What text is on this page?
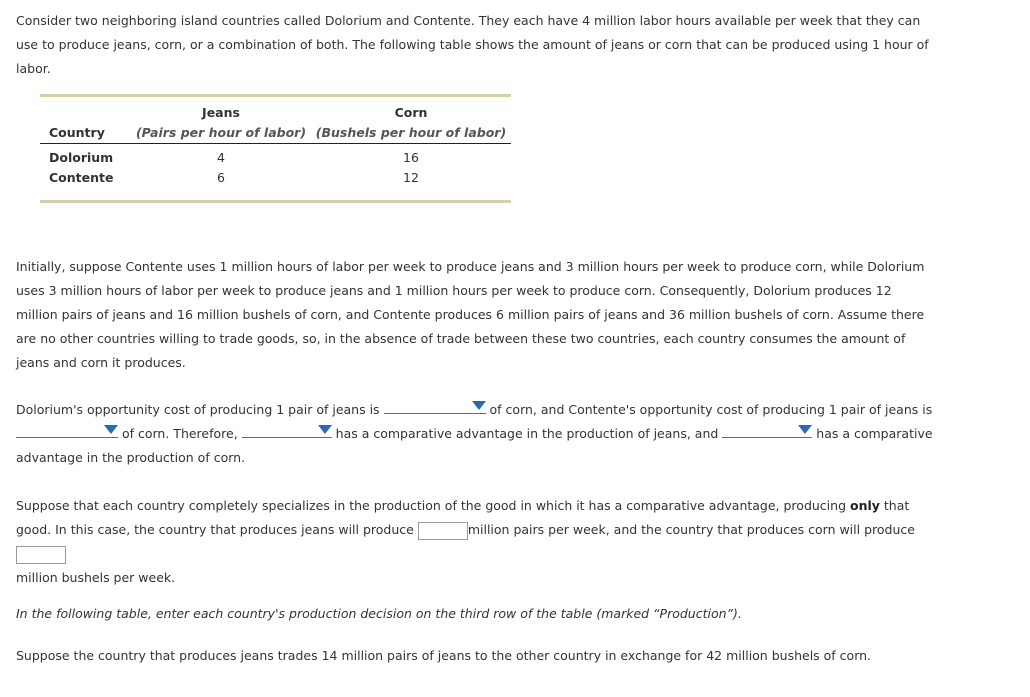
Consider two neighboring island countries called Dolorium and Contente. They each have 4 million labor hours available per week that they can use to produce jeans, corn, or a combination of both. The following table shows the amount of jeans or corn that can be produced using 1 hour of labor.

	Jeans	Corn
Country	(Pairs per hour of labor)	(Bushels per hour of labor)
Dolorium	4	16
Contente	6	12

Initially, suppose Contente uses 1 million hours of labor per week to produce jeans and 3 million hours per week to produce corn, while Dolorium uses 3 million hours of labor per week to produce jeans and 1 million hours per week to produce corn. Consequently, Dolorium produces 12 million pairs of jeans and 16 million bushels of corn, and Contente produces 6 million pairs of jeans and 36 million bushels of corn. Assume there are no other countries willing to trade goods, so, in the absence of trade between these two countries, each country consumes the amount of jeans and corn it produces.

Dolorium's opportunity cost of producing 1 pair of jeans is	of corn, and Contente's opportunity cost of producing 1 pair of jeans is

of corn. Therefore,	has a comparative advantage in the production of jeans, and	has a comparative advantage in the production of corn.

Suppose that each country completely specializes in the production of the good in which it has a comparative advantage, producing only that good. In this case, the country that produces jeans will produce	million pairs per week, and the country that produces corn will produce
million bushels per week.

In the following table, enter each country's production decision on the third row of the table (marked “Production”).

Suppose the country that produces jeans trades 14 million pairs of jeans to the other country in exchange for 42 million bushels of corn.
